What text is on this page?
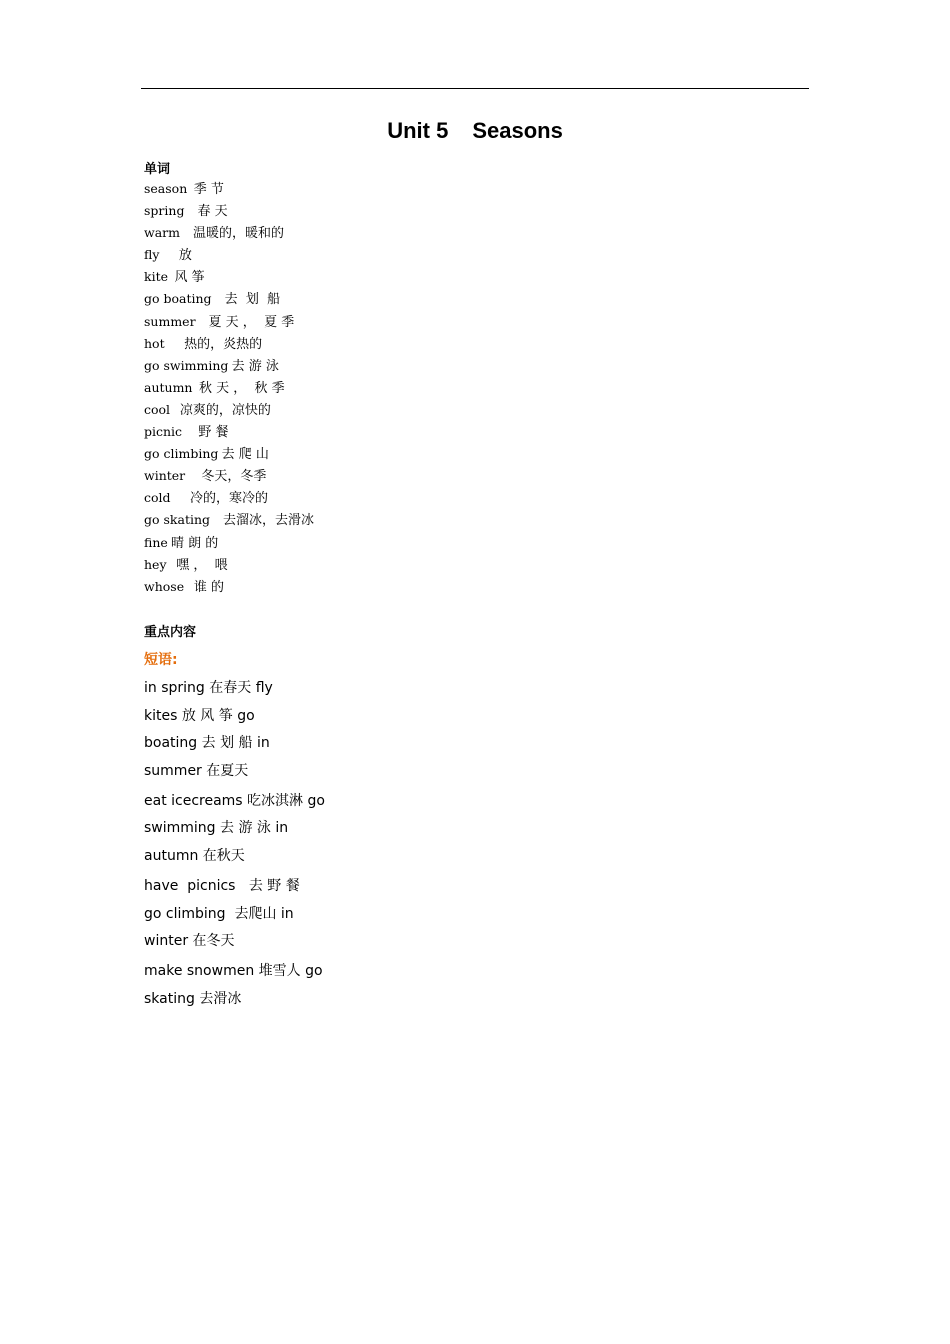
Unit 5 Seasons
单词
season 季 节
spring 春 天
warm 温暖的，暖和的
fly 放
kite 风 筝
go boating 去  划  船
summer 夏 天 ，  夏 季
hot 热的，炎热的
go swimming 去 游 泳
autumn 秋 天 ，  秋 季
cool 凉爽的，凉快的
picnic 野 餐
go climbing 去 爬 山
winter 冬天，冬季
cold 冷的，寒冷的
go skating 去溜冰，去滑冰
fine 晴 朗 的
hey 嘿 ，  喂
whose 谁 的
重点内容
短语:
in spring 在春天 fly
kites 放 风 筝 go
boating 去 划 船 in
summer 在夏天
eat icecreams 吃冰淇淋 go
swimming 去 游 泳 in
autumn 在秋天
have  picnics   去 野 餐
go climbing  去爬山 in
winter 在冬天
make snowmen 堆雪人 go
skating 去滑冰
